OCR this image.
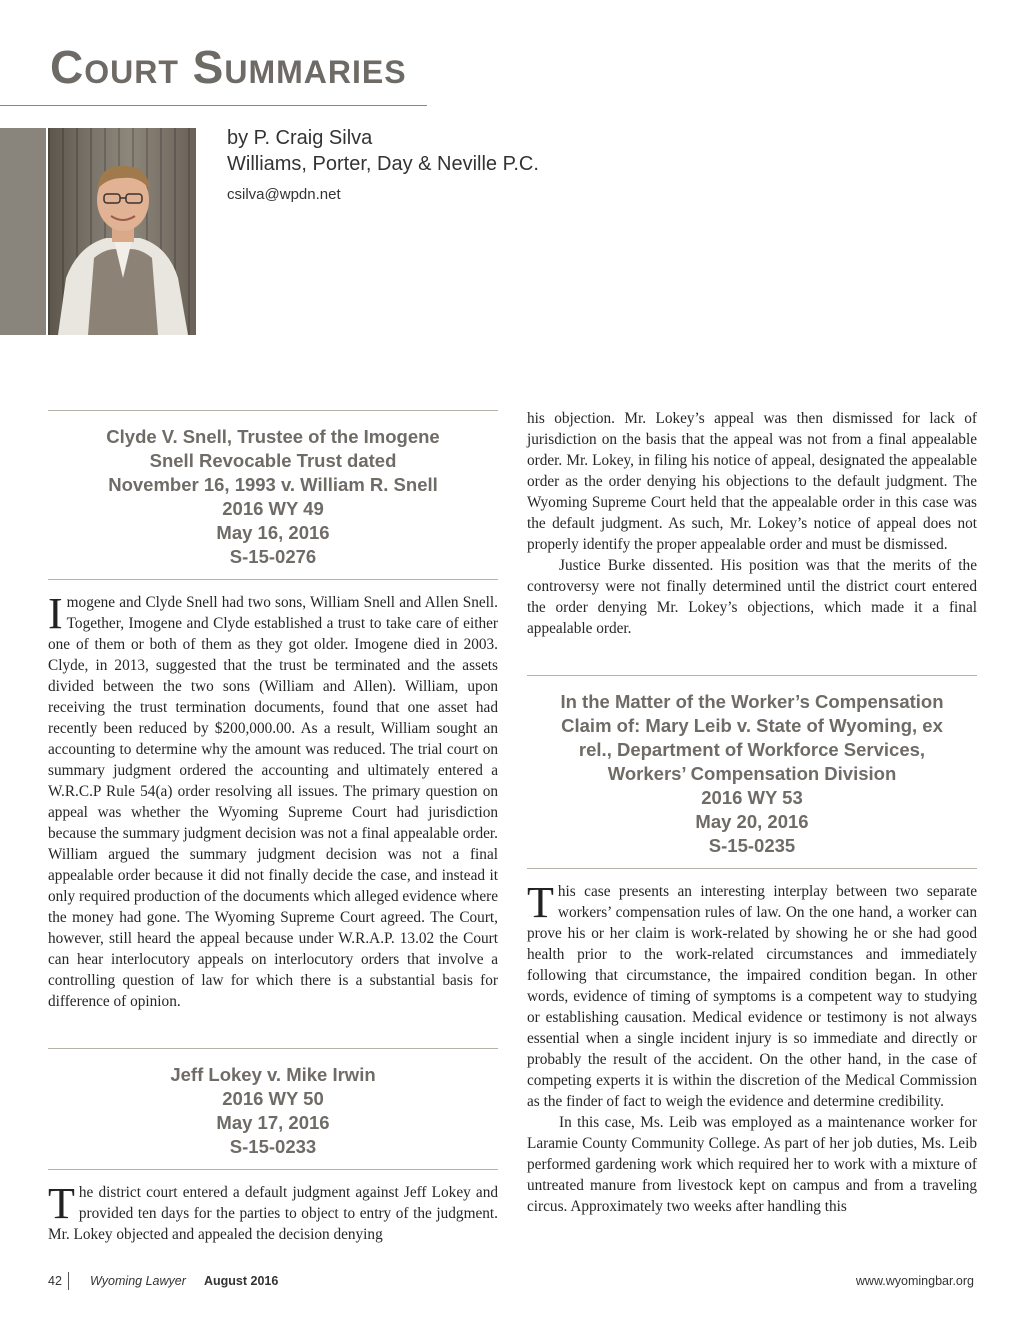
Court Summaries
by P. Craig Silva
Williams, Porter, Day & Neville P.C.
csilva@wpdn.net
Clyde V. Snell, Trustee of the Imogene
Snell Revocable Trust dated
November 16, 1993 v. William R. Snell
2016 WY 49
May 16, 2016
S-15-0276

Imogene and Clyde Snell had two sons, William Snell and Allen Snell. Together, Imogene and Clyde established a trust to take care of either one of them or both of them as they got older. Imogene died in 2003. Clyde, in 2013, suggested that the trust be terminated and the assets divided between the two sons (William and Allen). William, upon receiving the trust termination documents, found that one asset had recently been reduced by $200,000.00. As a result, William sought an accounting to determine why the amount was reduced. The trial court on summary judgment ordered the accounting and ultimately entered a W.R.C.P Rule 54(a) order resolving all issues. The primary question on appeal was whether the Wyoming Supreme Court had jurisdiction because the summary judgment decision was not a final appealable order. William argued the summary judgment decision was not a final appealable order because it did not finally decide the case, and instead it only required production of the documents which alleged evidence where the money had gone. The Wyoming Supreme Court agreed. The Court, however, still heard the appeal because under W.R.A.P. 13.02 the Court can hear interlocutory appeals on interlocutory orders that involve a controlling question of law for which there is a substantial basis for difference of opinion.

Jeff Lokey v. Mike Irwin
2016 WY 50
May 17, 2016
S-15-0233

The district court entered a default judgment against Jeff Lokey and provided ten days for the parties to object to entry of the judgment. Mr. Lokey objected and appealed the decision denying

his objection. Mr. Lokey’s appeal was then dismissed for lack of jurisdiction on the basis that the appeal was not from a final appealable order. Mr. Lokey, in filing his notice of appeal, designated the appealable order as the order denying his objections to the default judgment. The Wyoming Supreme Court held that the appealable order in this case was the default judgment. As such, Mr. Lokey’s notice of appeal does not properly identify the proper appealable order and must be dismissed.

Justice Burke dissented. His position was that the merits of the controversy were not finally determined until the district court entered the order denying Mr. Lokey’s objections, which made it a final appealable order.

In the Matter of the Worker’s Compensation
Claim of: Mary Leib v. State of Wyoming, ex
rel., Department of Workforce Services,
Workers’ Compensation Division
2016 WY 53
May 20, 2016
S-15-0235

This case presents an interesting interplay between two separate workers’ compensation rules of law. On the one hand, a worker can prove his or her claim is work-related by showing he or she had good health prior to the work-related circumstances and immediately following that circumstance, the impaired condition began. In other words, evidence of timing of symptoms is a competent way to studying or establishing causation. Medical evidence or testimony is not always essential when a single incident injury is so immediate and directly or probably the result of the accident. On the other hand, in the case of competing experts it is within the discretion of the Medical Commission as the finder of fact to weigh the evidence and determine credibility.

In this case, Ms. Leib was employed as a maintenance worker for Laramie County Community College. As part of her job duties, Ms. Leib performed gardening work which required her to work with a mixture of untreated manure from livestock kept on campus and from a traveling circus. Approximately two weeks after handling this

42 Wyoming Lawyer August 2016	www.wyomingbar.org
